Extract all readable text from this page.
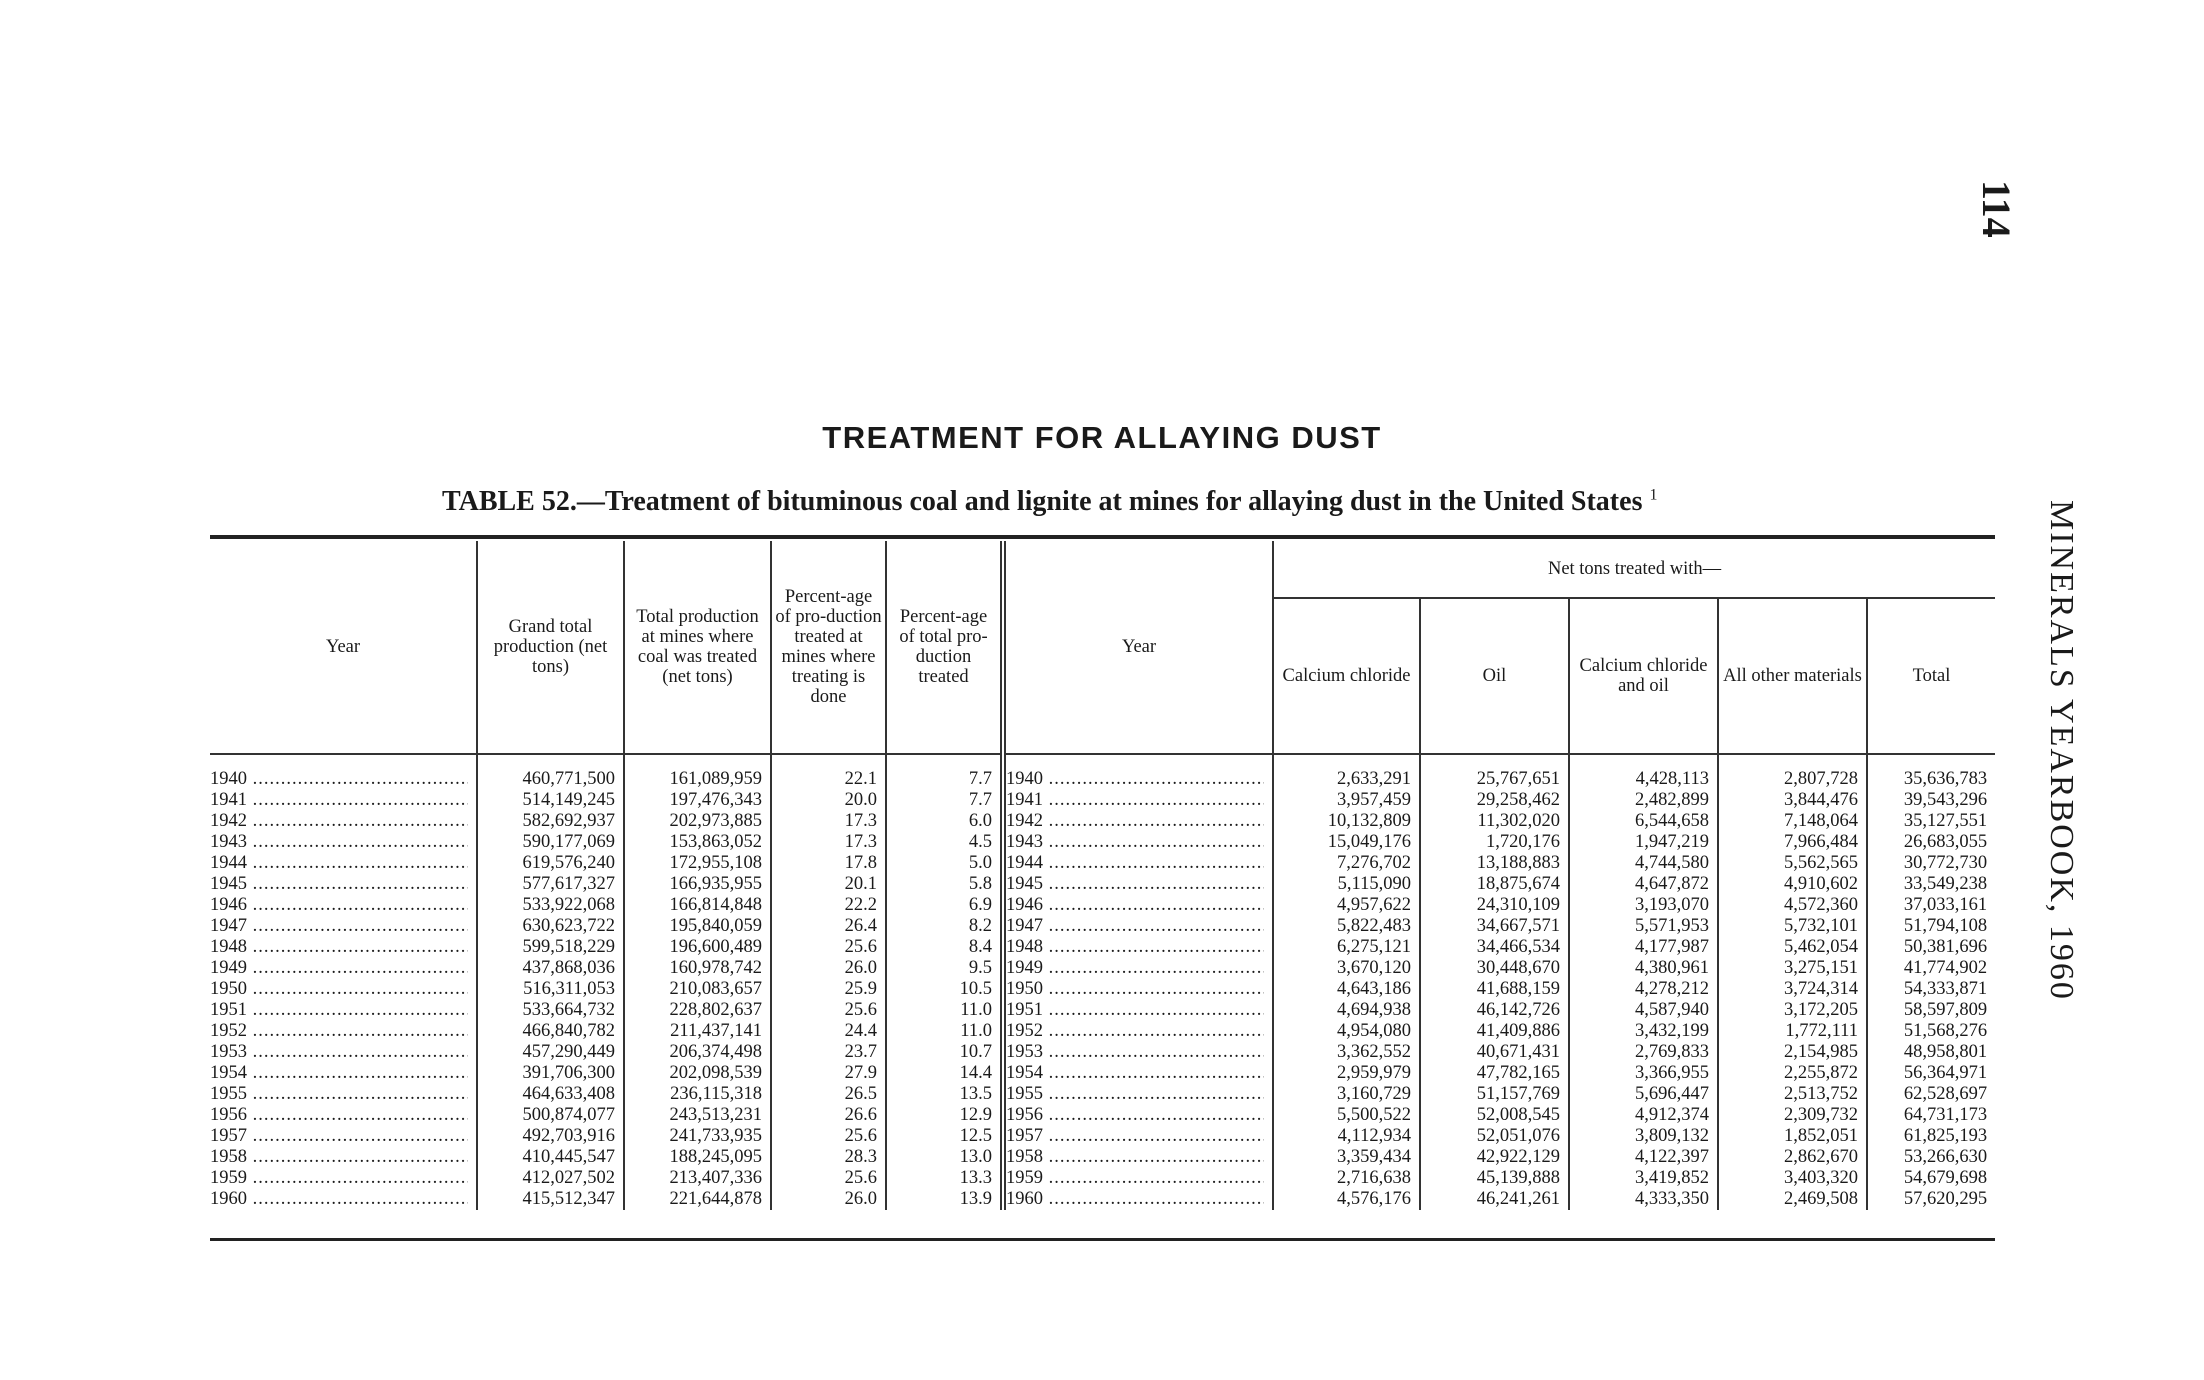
114
MINERALS YEARBOOK, 1960
TREATMENT FOR ALLAYING DUST
TABLE 52.—Treatment of bituminous coal and lignite at mines for allaying dust in the United States $^1$
Year	Grand total production (net tons)	Total production at mines where coal was treated (net tons)	Percent-age of pro-duction treated at mines where treating is done	Percent-age of total pro-duction treated	Year	Net tons treated with—				
						Calcium chloride	Oil	Calcium chloride and oil	All other materials	Total

1940 .....	460,771,500	161,089,959	22.1	7.7	1940 .....	2,633,291	25,767,651	4,428,113	2,807,728	35,636,783

1941 .....	514,149,245	197,476,343	20.0	7.7	1941 .....	3,957,459	29,258,462	2,482,899	3,844,476	39,543,296

1942 .....	582,692,937	202,973,885	17.3	6.0	1942 .....	10,132,809	11,302,020	6,544,658	7,148,064	35,127,551

1943 .....	590,177,069	153,863,052	17.3	4.5	1943 .....	15,049,176	1,720,176	1,947,219	7,966,484	26,683,055

1944 .....	619,576,240	172,955,108	17.8	5.0	1944 .....	7,276,702	13,188,883	4,744,580	5,562,565	30,772,730

1945 .....	577,617,327	166,935,955	20.1	5.8	1945 .....	5,115,090	18,875,674	4,647,872	4,910,602	33,549,238

1946 .....	533,922,068	166,814,848	22.2	6.9	1946 .....	4,957,622	24,310,109	3,193,070	4,572,360	37,033,161

1947 .....	630,623,722	195,840,059	26.4	8.2	1947 .....	5,822,483	34,667,571	5,571,953	5,732,101	51,794,108

1948 .....	599,518,229	196,600,489	25.6	8.4	1948 .....	6,275,121	34,466,534	4,177,987	5,462,054	50,381,696

1949 .....	437,868,036	160,978,742	26.0	9.5	1949 .....	3,670,120	30,448,670	4,380,961	3,275,151	41,774,902

1950 .....	516,311,053	210,083,657	25.9	10.5	1950 .....	4,643,186	41,688,159	4,278,212	3,724,314	54,333,871

1951 .....	533,664,732	228,802,637	25.6	11.0	1951 .....	4,694,938	46,142,726	4,587,940	3,172,205	58,597,809

1952 .....	466,840,782	211,437,141	24.4	11.0	1952 .....	4,954,080	41,409,886	3,432,199	1,772,111	51,568,276

1953 .....	457,290,449	206,374,498	23.7	10.7	1953 .....	3,362,552	40,671,431	2,769,833	2,154,985	48,958,801

1954 .....	391,706,300	202,098,539	27.9	14.4	1954 .....	2,959,979	47,782,165	3,366,955	2,255,872	56,364,971

1955 .....	464,633,408	236,115,318	26.5	13.5	1955 .....	3,160,729	51,157,769	5,696,447	2,513,752	62,528,697

1956 .....	500,874,077	243,513,231	26.6	12.9	1956 .....	5,500,522	52,008,545	4,912,374	2,309,732	64,731,173

1957 .....	492,703,916	241,733,935	25.6	12.5	1957 .....	4,112,934	52,051,076	3,809,132	1,852,051	61,825,193

1958 .....	410,445,547	188,245,095	28.3	13.0	1958 .....	3,359,434	42,922,129	4,122,397	2,862,670	53,266,630

1959 .....	412,027,502	213,407,336	25.6	13.3	1959 .....	2,716,638	45,139,888	3,419,852	3,403,320	54,679,698

1960 .....	415,512,347	221,644,878	26.0	13.9	1960 .....	4,576,176	46,241,261	4,333,350	2,469,508	57,620,295
